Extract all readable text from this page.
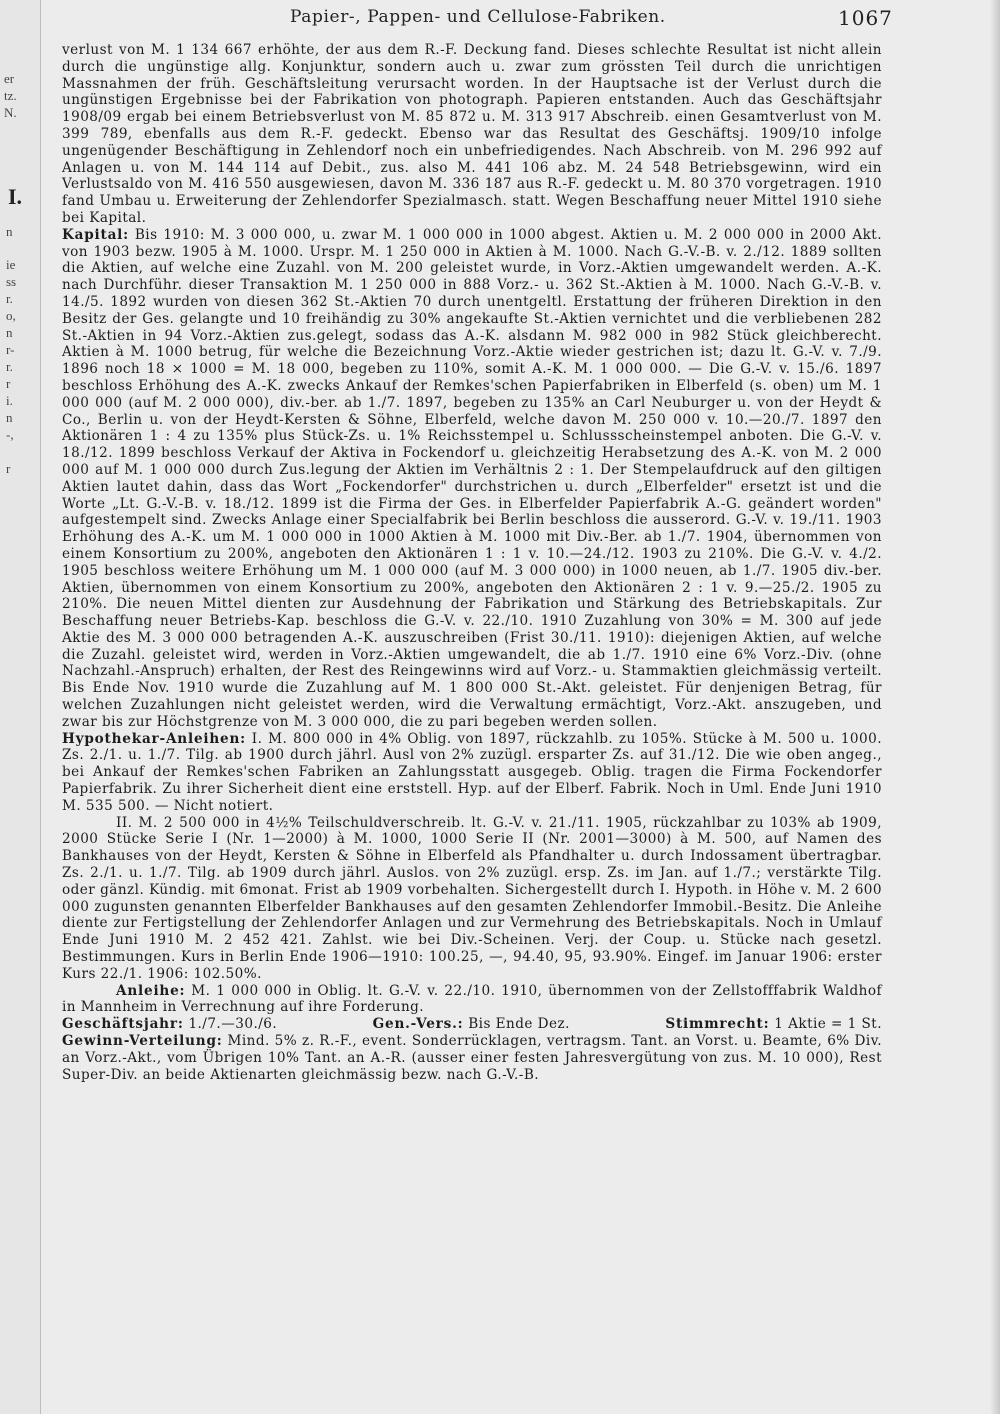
er
tz.
N.
I.
n
ie
ss
r.
o,
n
r-
r.
r
i.
n
-,
r
Papier-, Pappen- und Cellulose-Fabriken.	1067

verlust von M. 1 134 667 erhöhte, der aus dem R.-F. Deckung fand. Dieses schlechte Resultat ist nicht allein durch die ungünstige allg. Konjunktur, sondern auch u. zwar zum grössten Teil durch die unrichtigen Massnahmen der früh. Geschäftsleitung verursacht worden. In der Hauptsache ist der Verlust durch die ungünstigen Ergebnisse bei der Fabrikation von photograph. Papieren entstanden. Auch das Geschäftsjahr 1908/09 ergab bei einem Betriebsverlust von M. 85 872 u. M. 313 917 Abschreib. einen Gesamtverlust von M. 399 789, ebenfalls aus dem R.-F. gedeckt. Ebenso war das Resultat des Geschäftsj. 1909/10 infolge ungenügender Beschäftigung in Zehlendorf noch ein unbefriedigendes. Nach Abschreib. von M. 296 992 auf Anlagen u. von M. 144 114 auf Debit., zus. also M. 441 106 abz. M. 24 548 Betriebsgewinn, wird ein Verlustsaldo von M. 416 550 ausgewiesen, davon M. 336 187 aus R.-F. gedeckt u. M. 80 370 vorgetragen. 1910 fand Umbau u. Erweiterung der Zehlendorfer Spezialmasch. statt. Wegen Beschaffung neuer Mittel 1910 siehe bei Kapital.

Kapital: Bis 1910: M. 3 000 000, u. zwar M. 1 000 000 in 1000 abgest. Aktien u. M. 2 000 000 in 2000 Akt. von 1903 bezw. 1905 à M. 1000. Urspr. M. 1 250 000 in Aktien à M. 1000. Nach G.-V.-B. v. 2./12. 1889 sollten die Aktien, auf welche eine Zuzahl. von M. 200 geleistet wurde, in Vorz.-Aktien umgewandelt werden. A.-K. nach Durchführ. dieser Transaktion M. 1 250 000 in 888 Vorz.- u. 362 St.-Aktien à M. 1000. Nach G.-V.-B. v. 14./5. 1892 wurden von diesen 362 St.-Aktien 70 durch unentgeltl. Erstattung der früheren Direktion in den Besitz der Ges. gelangte und 10 freihändig zu 30% angekaufte St.-Aktien vernichtet und die verbliebenen 282 St.-Aktien in 94 Vorz.-Aktien zus.gelegt, sodass das A.-K. alsdann M. 982 000 in 982 Stück gleichberecht. Aktien à M. 1000 betrug, für welche die Bezeichnung Vorz.-Aktie wieder gestrichen ist; dazu lt. G.-V. v. 7./9. 1896 noch 18 × 1000 = M. 18 000, begeben zu 110%, somit A.-K. M. 1 000 000. — Die G.-V. v. 15./6. 1897 beschloss Erhöhung des A.-K. zwecks Ankauf der Remkes'schen Papierfabriken in Elberfeld (s. oben) um M. 1 000 000 (auf M. 2 000 000), div.-ber. ab 1./7. 1897, begeben zu 135% an Carl Neuburger u. von der Heydt & Co., Berlin u. von der Heydt-Kersten & Söhne, Elberfeld, welche davon M. 250 000 v. 10.—20./7. 1897 den Aktionären 1 : 4 zu 135% plus Stück-Zs. u. 1% Reichsstempel u. Schlussscheinstempel anboten. Die G.-V. v. 18./12. 1899 beschloss Verkauf der Aktiva in Fockendorf u. gleichzeitig Herabsetzung des A.-K. von M. 2 000 000 auf M. 1 000 000 durch Zus.legung der Aktien im Verhältnis 2 : 1. Der Stempelaufdruck auf den giltigen Aktien lautet dahin, dass das Wort „Fockendorfer" durchstrichen u. durch „Elberfelder" ersetzt ist und die Worte „Lt. G.-V.-B. v. 18./12. 1899 ist die Firma der Ges. in Elberfelder Papierfabrik A.-G. geändert worden" aufgestempelt sind. Zwecks Anlage einer Specialfabrik bei Berlin beschloss die ausserord. G.-V. v. 19./11. 1903 Erhöhung des A.-K. um M. 1 000 000 in 1000 Aktien à M. 1000 mit Div.-Ber. ab 1./7. 1904, übernommen von einem Konsortium zu 200%, angeboten den Aktionären 1 : 1 v. 10.—24./12. 1903 zu 210%. Die G.-V. v. 4./2. 1905 beschloss weitere Erhöhung um M. 1 000 000 (auf M. 3 000 000) in 1000 neuen, ab 1./7. 1905 div.-ber. Aktien, übernommen von einem Konsortium zu 200%, angeboten den Aktionären 2 : 1 v. 9.—25./2. 1905 zu 210%. Die neuen Mittel dienten zur Ausdehnung der Fabrikation und Stärkung des Betriebskapitals. Zur Beschaffung neuer Betriebs-Kap. beschloss die G.-V. v. 22./10. 1910 Zuzahlung von 30% = M. 300 auf jede Aktie des M. 3 000 000 betragenden A.-K. auszuschreiben (Frist 30./11. 1910): diejenigen Aktien, auf welche die Zuzahl. geleistet wird, werden in Vorz.-Aktien umgewandelt, die ab 1./7. 1910 eine 6% Vorz.-Div. (ohne Nachzahl.-Anspruch) erhalten, der Rest des Reingewinns wird auf Vorz.- u. Stammaktien gleichmässig verteilt. Bis Ende Nov. 1910 wurde die Zuzahlung auf M. 1 800 000 St.-Akt. geleistet. Für denjenigen Betrag, für welchen Zuzahlungen nicht geleistet werden, wird die Verwaltung ermächtigt, Vorz.-Akt. anszugeben, und zwar bis zur Höchstgrenze von M. 3 000 000, die zu pari begeben werden sollen.

Hypothekar-Anleihen: I. M. 800 000 in 4% Oblig. von 1897, rückzahlb. zu 105%. Stücke à M. 500 u. 1000. Zs. 2./1. u. 1./7. Tilg. ab 1900 durch jährl. Ausl von 2% zuzügl. ersparter Zs. auf 31./12. Die wie oben angeg., bei Ankauf der Remkes'schen Fabriken an Zahlungsstatt ausgegeb. Oblig. tragen die Firma Fockendorfer Papierfabrik. Zu ihrer Sicherheit dient eine erststell. Hyp. auf der Elberf. Fabrik. Noch in Uml. Ende Juni 1910 M. 535 500. — Nicht notiert.

II. M. 2 500 000 in 4½% Teilschuldverschreib. lt. G.-V. v. 21./11. 1905, rückzahlbar zu 103% ab 1909, 2000 Stücke Serie I (Nr. 1—2000) à M. 1000, 1000 Serie II (Nr. 2001—3000) à M. 500, auf Namen des Bankhauses von der Heydt, Kersten & Söhne in Elberfeld als Pfandhalter u. durch Indossament übertragbar. Zs. 2./1. u. 1./7. Tilg. ab 1909 durch jährl. Auslos. von 2% zuzügl. ersp. Zs. im Jan. auf 1./7.; verstärkte Tilg. oder gänzl. Kündig. mit 6monat. Frist ab 1909 vorbehalten. Sichergestellt durch I. Hypoth. in Höhe v. M. 2 600 000 zugunsten genannten Elberfelder Bankhauses auf den gesamten Zehlendorfer Immobil.-Besitz. Die Anleihe diente zur Fertigstellung der Zehlendorfer Anlagen und zur Vermehrung des Betriebskapitals. Noch in Umlauf Ende Juni 1910 M. 2 452 421. Zahlst. wie bei Div.-Scheinen. Verj. der Coup. u. Stücke nach gesetzl. Bestimmungen. Kurs in Berlin Ende 1906—1910: 100.25, —, 94.40, 95, 93.90%. Eingef. im Januar 1906: erster Kurs 22./1. 1906: 102.50%.

Anleihe: M. 1 000 000 in Oblig. lt. G.-V. v. 22./10. 1910, übernommen von der Zellstofffabrik Waldhof in Mannheim in Verrechnung auf ihre Forderung.

Geschäftsjahr: 1./7.—30./6.	Gen.-Vers.: Bis Ende Dez.	Stimmrecht: 1 Aktie = 1 St.

Gewinn-Verteilung: Mind. 5% z. R.-F., event. Sonderrücklagen, vertragsm. Tant. an Vorst. u. Beamte, 6% Div. an Vorz.-Akt., vom Übrigen 10% Tant. an A.-R. (ausser einer festen Jahresvergütung von zus. M. 10 000), Rest Super-Div. an beide Aktienarten gleichmässig bezw. nach G.-V.-B.
